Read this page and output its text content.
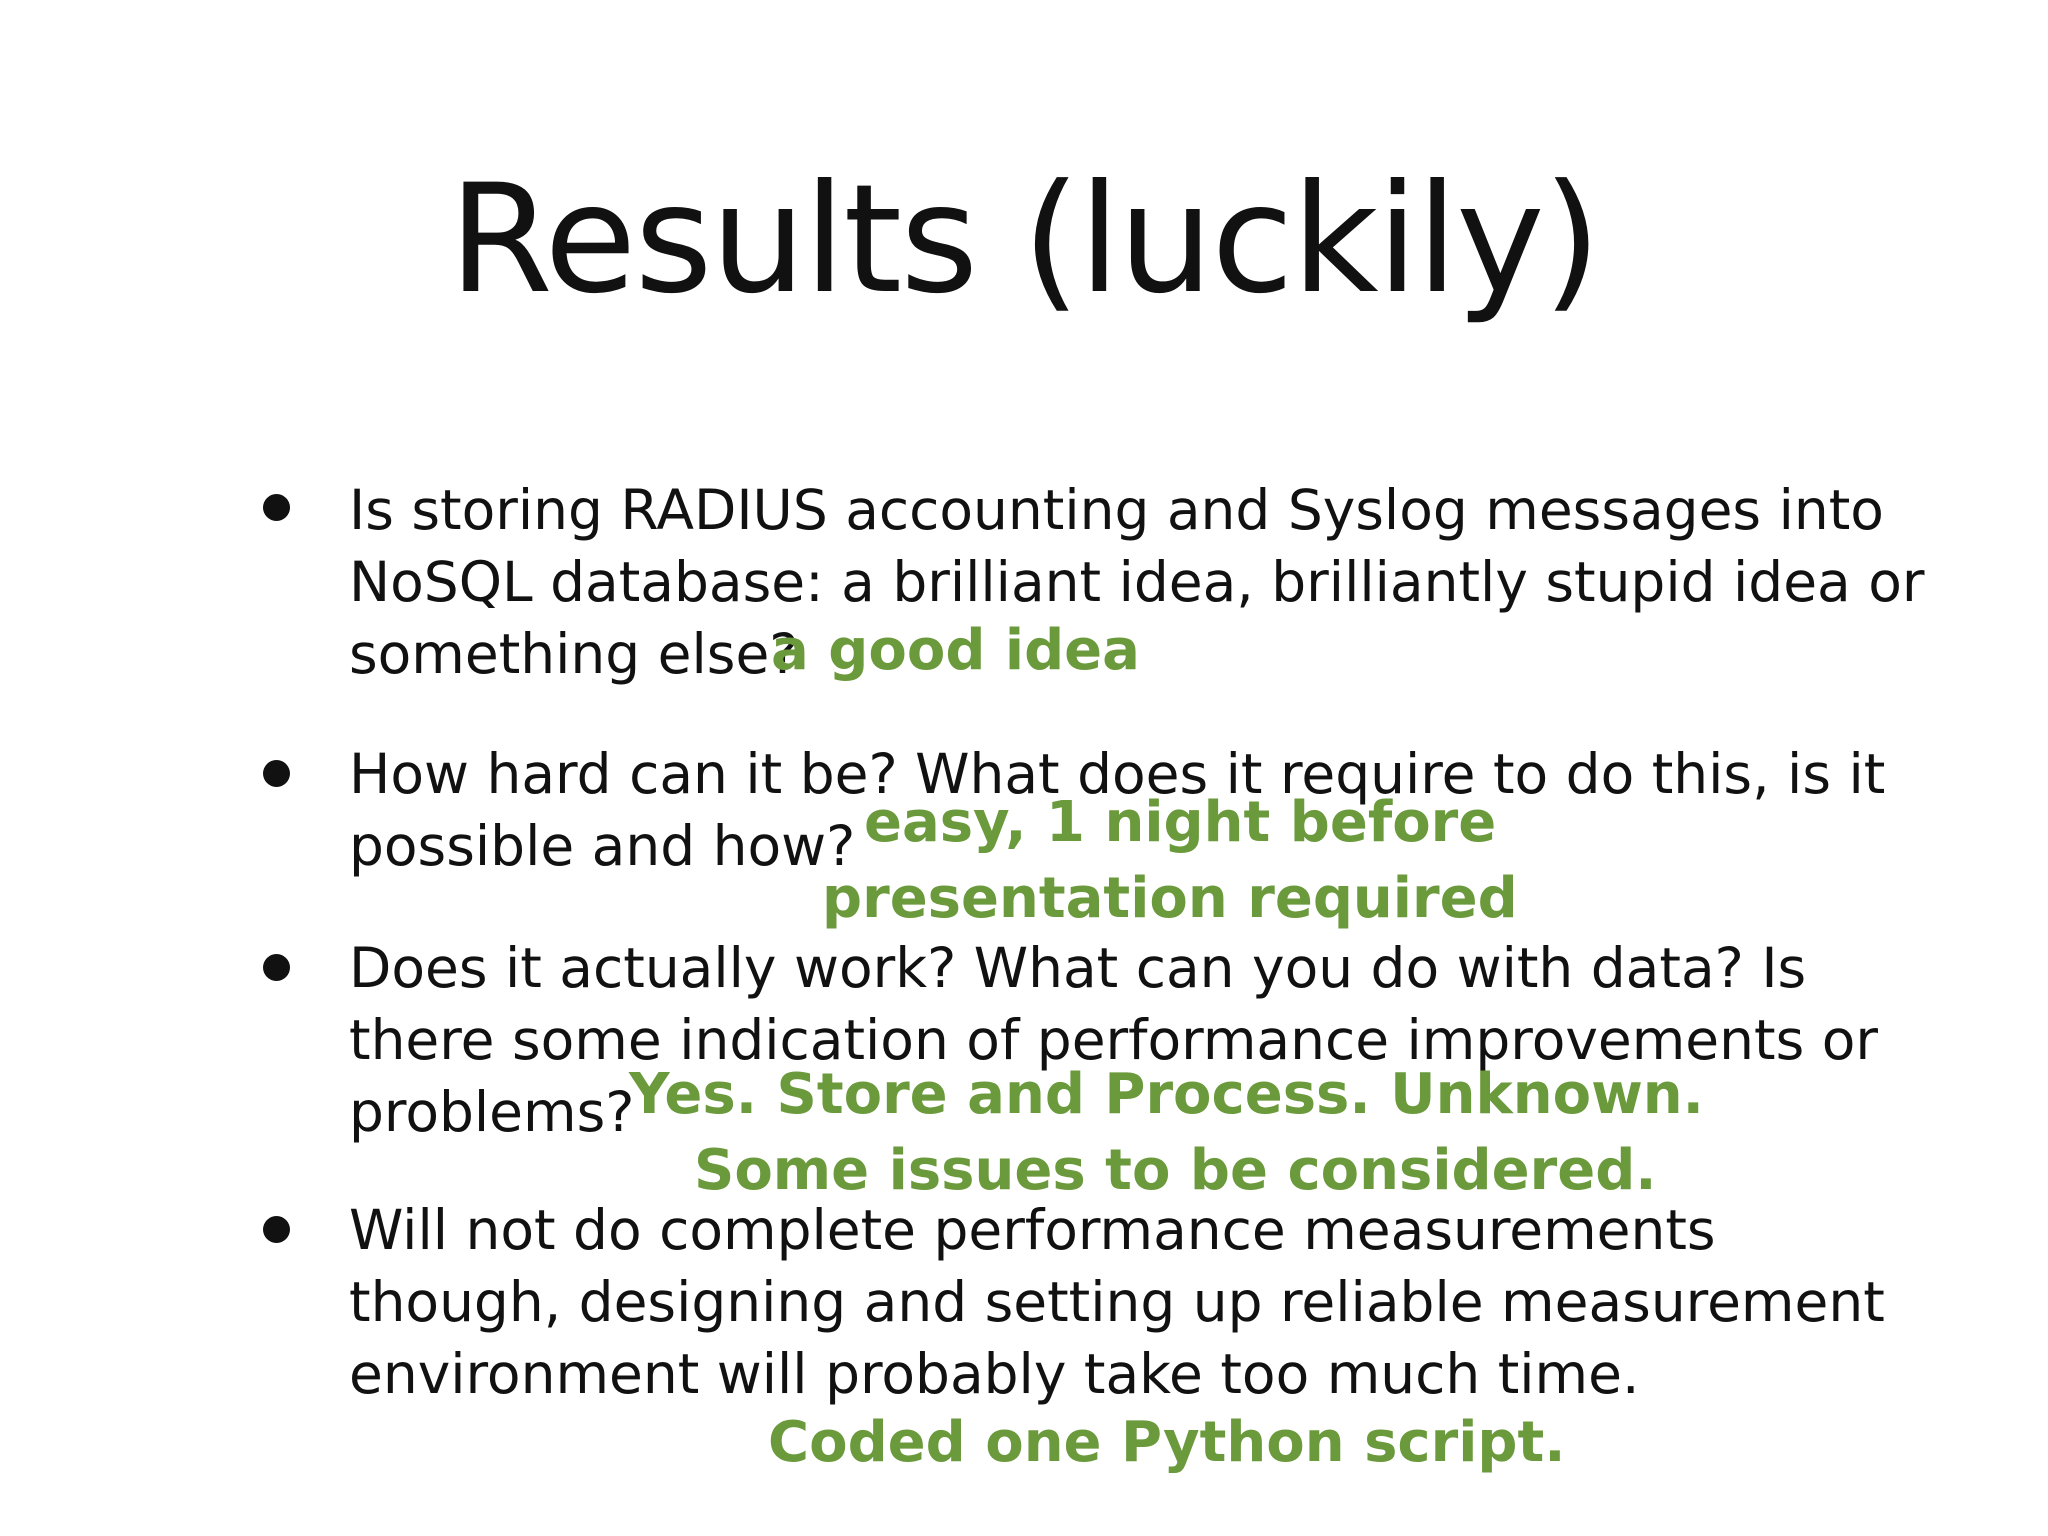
Results (luckily)
Is storing RADIUS accounting and Syslog messages into
NoSQL database: a brilliant idea, brilliantly stupid idea or
something else?
a good idea
How hard can it be? What does it require to do this, is it
possible and how? easy, 1 night before
presentation required
Does it actually work? What can you do with data? Is
there some indication of performance improvements or
problems?
Yes. Store and Process. Unknown.
Some issues to be considered.
Will not do complete performance measurements
though, designing and setting up reliable measurement
environment will probably take too much time.
Coded one Python script.
